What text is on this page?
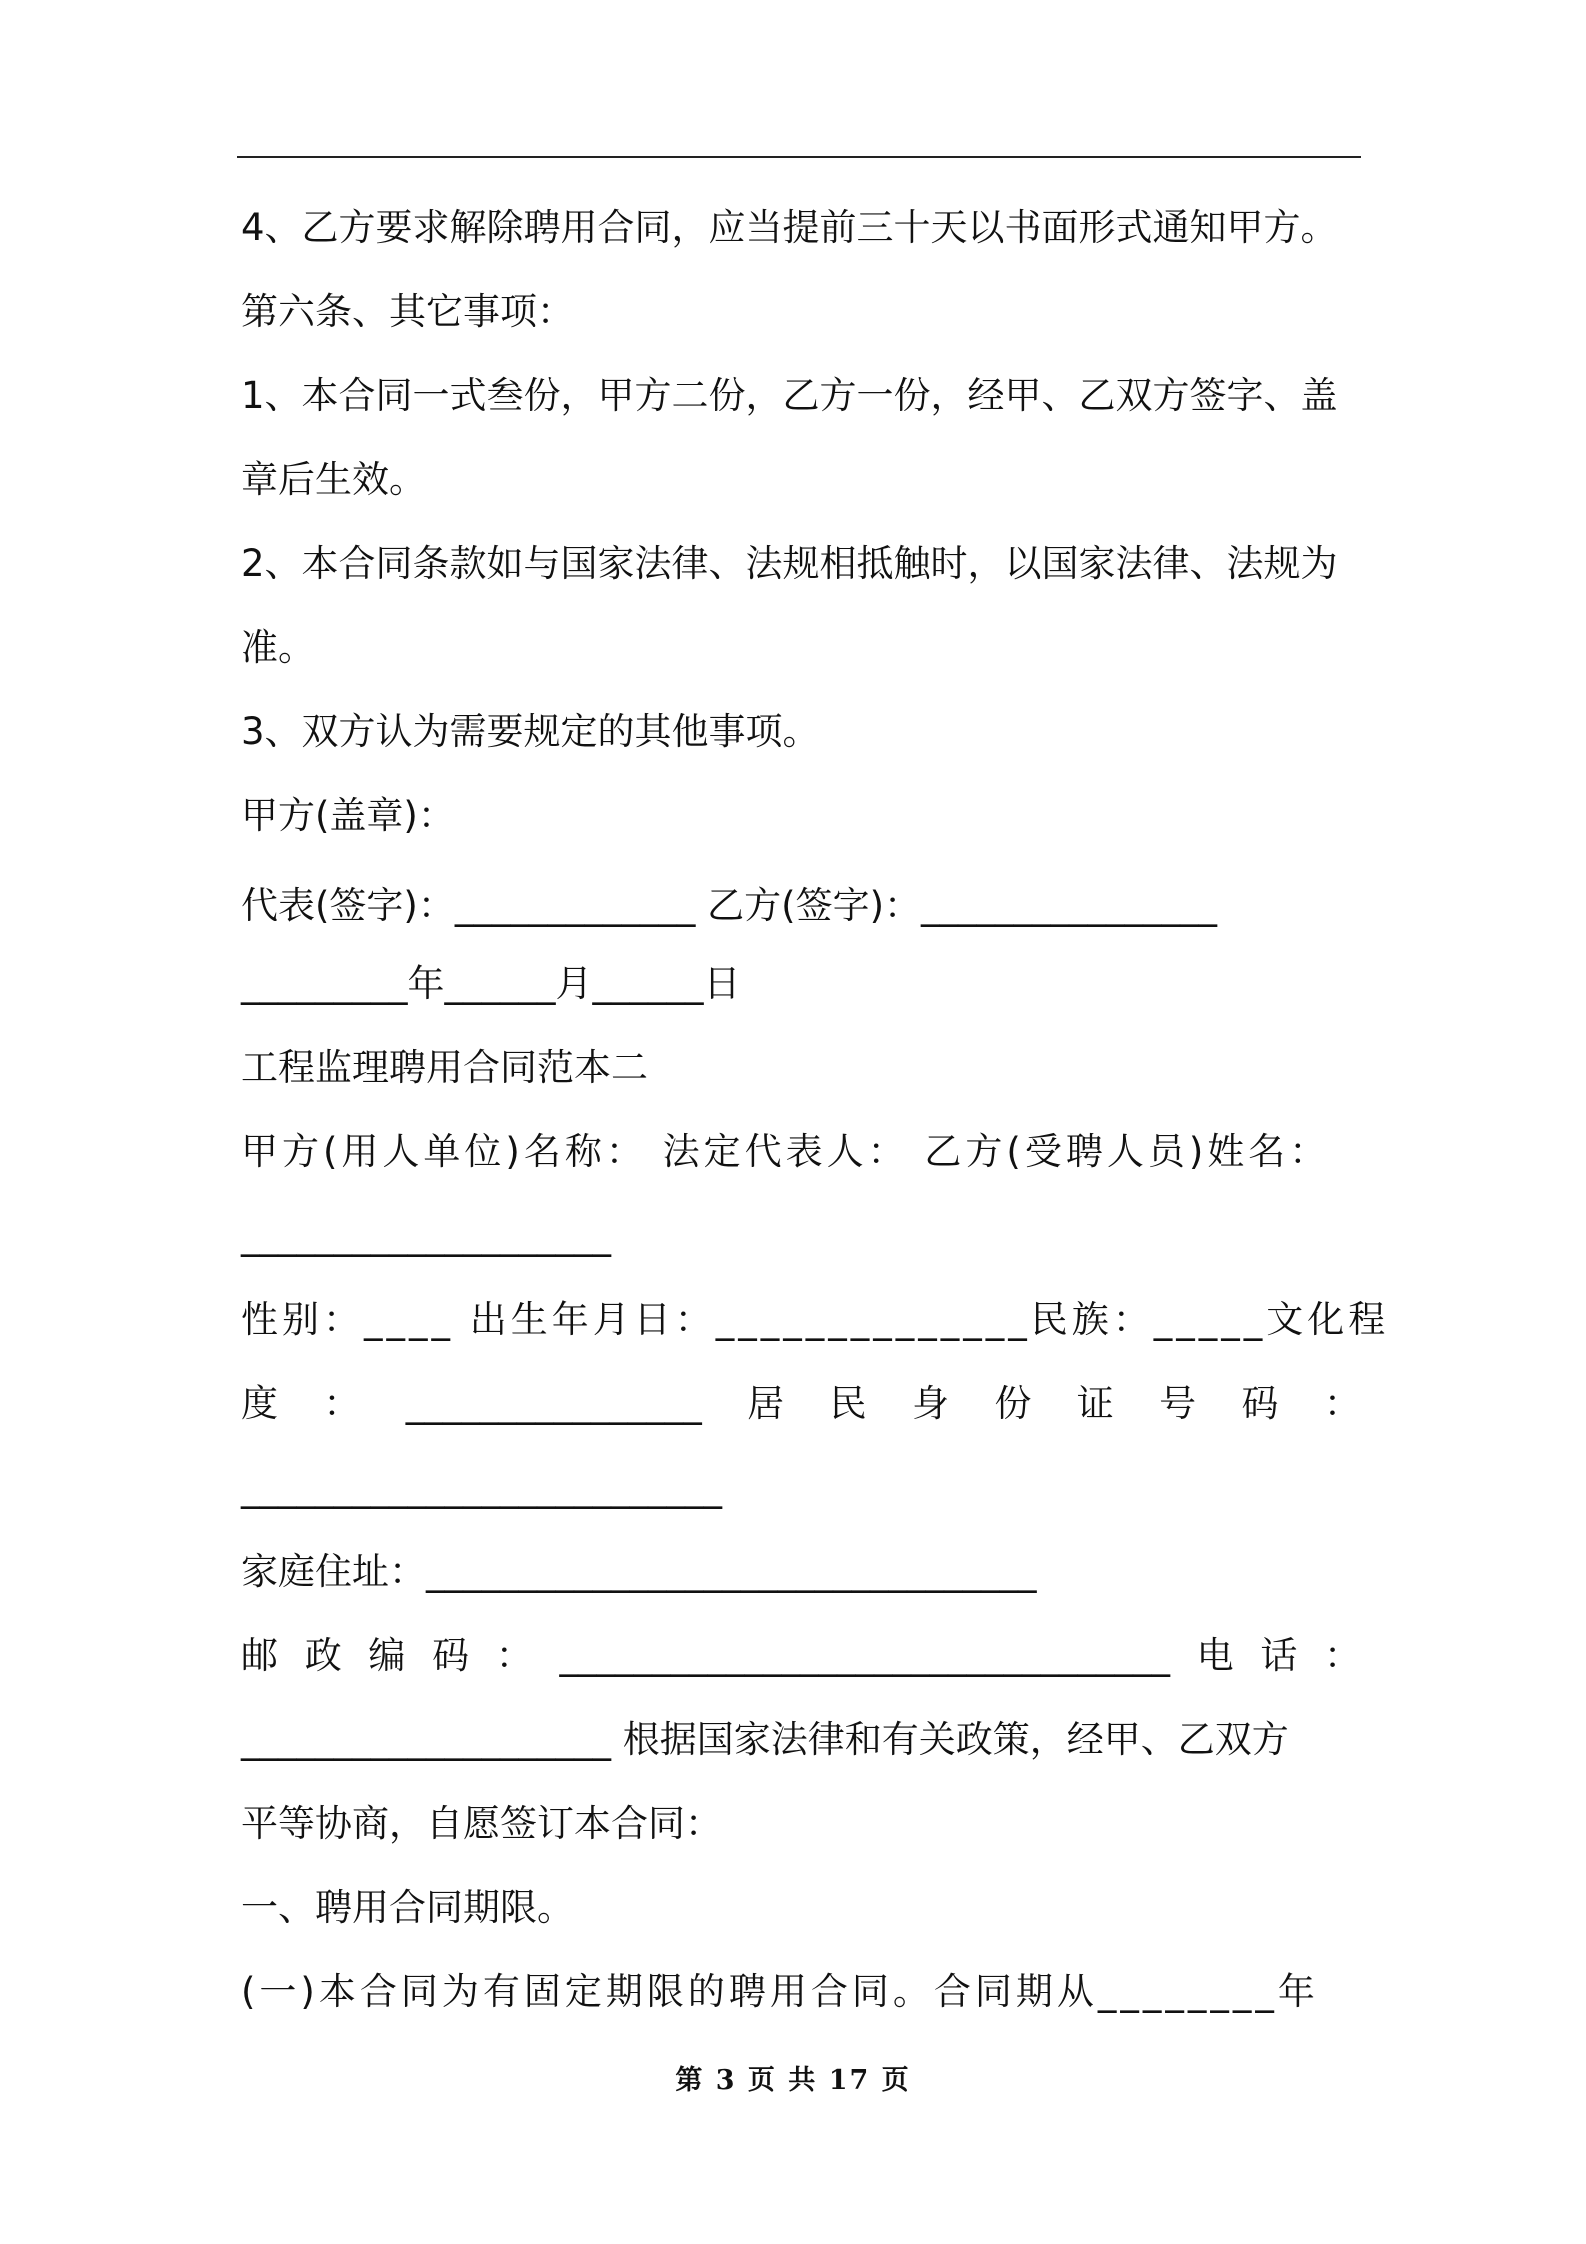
4、乙方要求解除聘用合同，应当提前三十天以书面形式通知甲方。
第六条、其它事项：
1、本合同一式叁份，甲方二份，乙方一份，经甲、乙双方签字、盖
章后生效。
2、本合同条款如与国家法律、法规相抵触时，以国家法律、法规为
准。
3、双方认为需要规定的其他事项。
甲方(盖章)：
代表(签字)：_____________ 乙方(签字)：________________
_________年______月______日
工程监理聘用合同范本二
甲方(用人单位)名称： 法定代表人： 乙方(受聘人员)姓名：
____________________
性别：____ 出生年月日：______________民族：_____文化程
度 ： ________________ 居 民 身 份 证 号 码 ：
__________________________
家庭住址：_________________________________
邮 政 编 码 ： _________________________________ 电 话 ：
____________________ 根据国家法律和有关政策，经甲、乙双方
平等协商，自愿签订本合同：
一、聘用合同期限。
(一)本合同为有固定期限的聘用合同。合同期从________年
第 3 页 共 17 页
